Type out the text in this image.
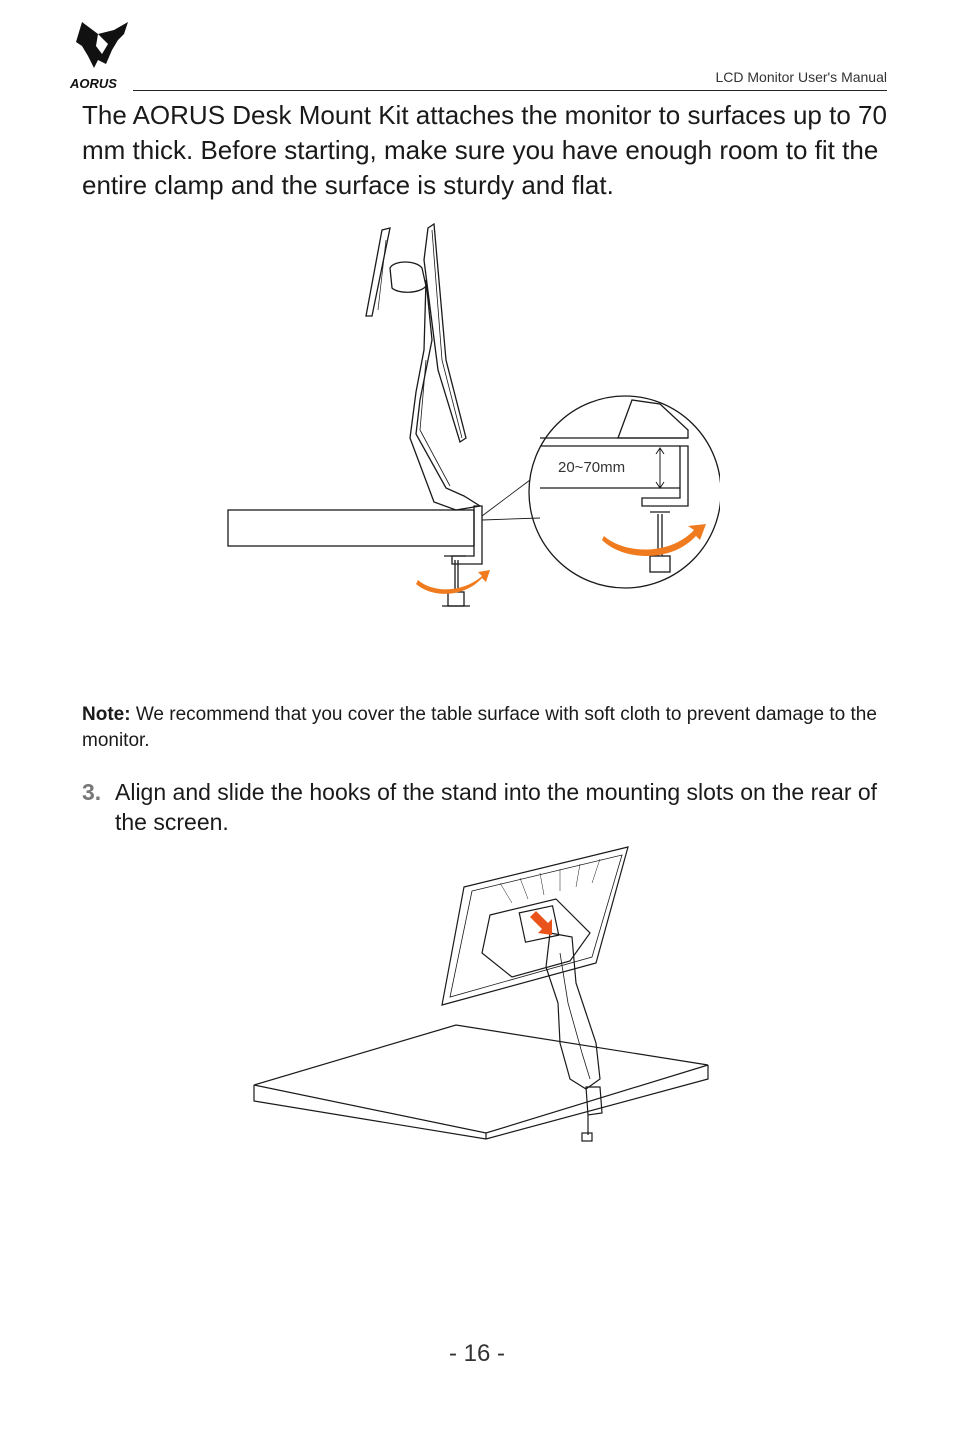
AORUS	LCD Monitor User's Manual

The AORUS Desk Mount Kit attaches the monitor to surfaces up to 70 mm thick. Before starting, make sure you have enough room to fit the entire clamp and the surface is sturdy and flat.

20~70mm

Note: We recommend that you cover the table surface with soft cloth to prevent damage to the monitor.

3. Align and slide the hooks of the stand into the mounting slots on the rear of the screen.
- 16 -
